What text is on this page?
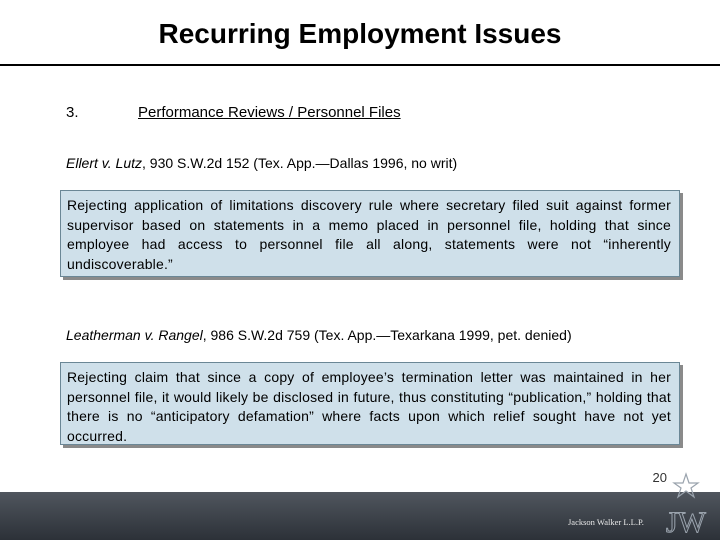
Recurring Employment Issues
3.	Performance Reviews / Personnel Files
Ellert v. Lutz, 930 S.W.2d 152 (Tex. App.—Dallas 1996, no writ)
Rejecting application of limitations discovery rule where secretary filed suit against former supervisor based on statements in a memo placed in personnel file, holding that since employee had access to personnel file all along, statements were not “inherently undiscoverable.”
Leatherman v. Rangel, 986 S.W.2d 759 (Tex. App.—Texarkana 1999, pet. denied)
Rejecting claim that since a copy of employee’s termination letter was maintained in her personnel file, it would likely be disclosed in future, thus constituting “publication,” holding that there is no “anticipatory defamation” where facts upon which relief sought have not yet occurred.
20
Jackson Walker L.L.P. JW
